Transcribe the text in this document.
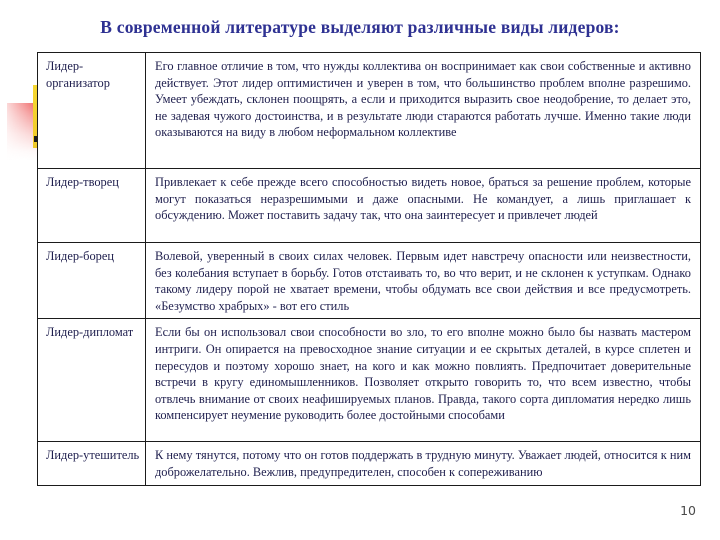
В современной литературе выделяют различные виды лидеров:
Лидер-организатор	Его главное отличие в том, что нужды коллектива он воспринимает как свои собственные и активно действует. Этот лидер оптимистичен и уверен в том, что большинство проблем вполне разрешимо. Умеет убеждать, склонен поощрять, а если и приходится выразить свое неодобрение, то делает это, не задевая чужого достоинства, и в результате люди стараются работать лучше. Именно такие люди оказываются на виду в любом неформальном коллективе
Лидер-творец	Привлекает к себе прежде всего способностью видеть новое, браться за решение проблем, которые могут показаться неразрешимыми и даже опасными. Не командует, а лишь приглашает к обсуждению. Может поставить задачу так, что она заинтересует и привлечет людей
Лидер-борец	Волевой, уверенный в своих силах человек. Первым идет навстречу опасности или неизвестности, без колебания вступает в борьбу. Готов отстаивать то, во что верит, и не склонен к уступкам. Однако такому лидеру порой не хватает времени, чтобы обдумать все свои действия и все предусмотреть. «Безумство храбрых» - вот его стиль
Лидер-дипломат	Если бы он использовал свои способности во зло, то его вполне можно было бы назвать мастером интриги. Он опирается на превосходное знание ситуации и ее скрытых деталей, в курсе сплетен и пересудов и поэтому хорошо знает, на кого и как можно повлиять. Предпочитает доверительные встречи в кругу единомышленников. Позволяет открыто говорить то, что всем известно, чтобы отвлечь внимание от своих неафишируемых планов. Правда, такого сорта дипломатия нередко лишь компенсирует неумение руководить более достойными способами
Лидер-утешитель	К нему тянутся, потому что он готов поддержать в трудную минуту. Уважает людей, относится к ним доброжелательно. Вежлив, предупредителен, способен к сопереживанию
10
